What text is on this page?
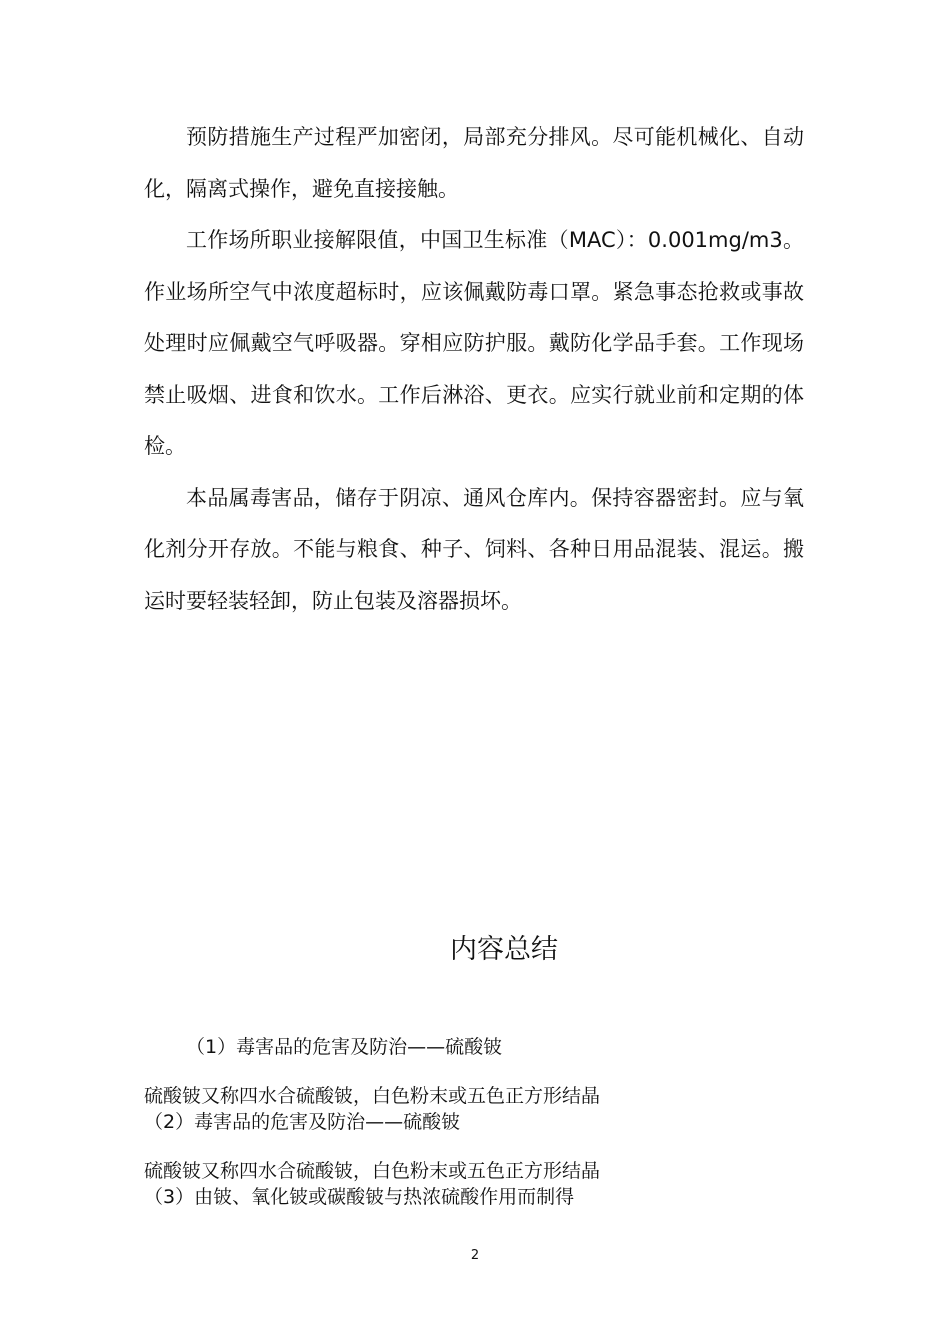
预防措施生产过程严加密闭，局部充分排风。尽可能机械化、自动化，隔离式操作，避免直接接触。

工作场所职业接解限值，中国卫生标准（MAC）：0.001mg/m3。作业场所空气中浓度超标时，应该佩戴防毒口罩。紧急事态抢救或事故处理时应佩戴空气呼吸器。穿相应防护服。戴防化学品手套。工作现场禁止吸烟、进食和饮水。工作后淋浴、更衣。应实行就业前和定期的体检。

本品属毒害品，储存于阴凉、通风仓库内。保持容器密封。应与氧化剂分开存放。不能与粮食、种子、饲料、各种日用品混装、混运。搬运时要轻装轻卸，防止包装及溶器损坏。

内容总结
（1）毒害品的危害及防治——硫酸铍
硫酸铍又称四水合硫酸铍，白色粉末或五色正方形结晶
（2）毒害品的危害及防治——硫酸铍
硫酸铍又称四水合硫酸铍，白色粉末或五色正方形结晶
（3）由铍、氧化铍或碳酸铍与热浓硫酸作用而制得
2
